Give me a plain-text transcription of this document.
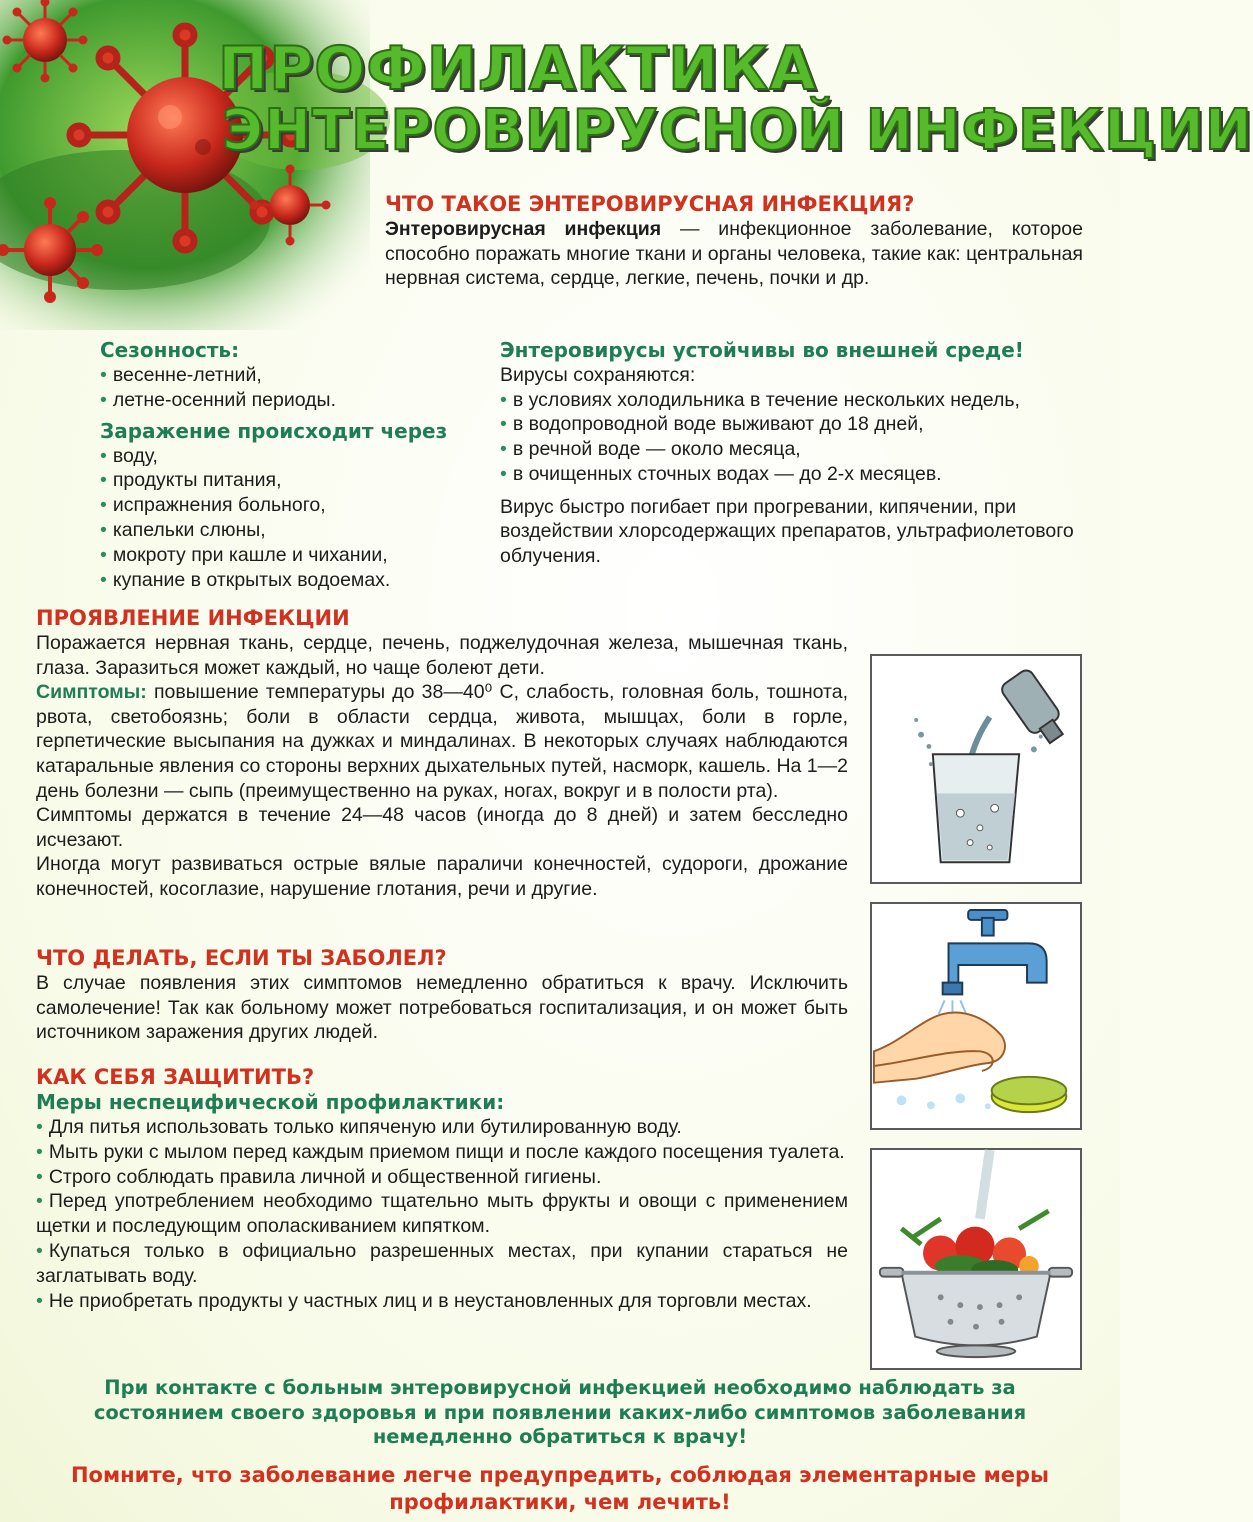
ПРОФИЛАКТИКА
ЭНТЕРОВИРУСНОЙ ИНФЕКЦИИ
ЧТО ТАКОЕ ЭНТЕРОВИРУСНАЯ ИНФЕКЦИЯ?
Энтеровирусная инфекция — инфекционное заболевание, которое способно поражать многие ткани и органы человека, такие как: центральная нервная система, сердце, легкие, печень, почки и др.
Сезонность:
• весенне-летний,
• летне-осенний периоды.
Заражение происходит через
• воду,
• продукты питания,
• испражнения больного,
• капельки слюны,
• мокроту при кашле и чихании,
• купание в открытых водоемах.
Энтеровирусы устойчивы во внешней среде!
Вирусы сохраняются:
• в условиях холодильника в течение нескольких недель,
• в водопроводной воде выживают до 18 дней,
• в речной воде — около месяца,
• в очищенных сточных водах — до 2-х месяцев.
Вирус быстро погибает при прогревании, кипячении, при воздействии хлорсодержащих препаратов, ультрафиолетового облучения.
ПРОЯВЛЕНИЕ ИНФЕКЦИИ
Поражается нервная ткань, сердце, печень, поджелудочная железа, мышечная ткань, глаза. Заразиться может каждый, но чаще болеют дети.
Симптомы: повышение температуры до 38—40⁰ С, слабость, головная боль, тошнота, рвота, светобоязнь; боли в области сердца, живота, мышцах, боли в горле, герпетические высыпания на дужках и миндалинах. В некоторых случаях наблюдаются катаральные явления со стороны верхних дыхательных путей, насморк, кашель. На 1—2 день болезни — сыпь (преимущественно на руках, ногах, вокруг и в полости рта).
Симптомы держатся в течение 24—48 часов (иногда до 8 дней) и затем бесследно исчезают.
Иногда могут развиваться острые вялые параличи конечностей, судороги, дрожание конечностей, косоглазие, нарушение глотания, речи и другие.
ЧТО ДЕЛАТЬ, ЕСЛИ ТЫ ЗАБОЛЕЛ?
В случае появления этих симптомов немедленно обратиться к врачу. Исключить самолечение! Так как больному может потребоваться госпитализация, и он может быть источником заражения других людей.
КАК СЕБЯ ЗАЩИТИТЬ?
Меры неспецифической профилактики:
• Для питья использовать только кипяченую или бутилированную воду.
• Мыть руки с мылом перед каждым приемом пищи и после каждого посещения туалета.
• Строго соблюдать правила личной и общественной гигиены.
• Перед употреблением необходимо тщательно мыть фрукты и овощи с применением щетки и последующим ополаскиванием кипятком.
• Купаться только в официально разрешенных местах, при купании стараться не заглатывать воду.
• Не приобретать продукты у частных лиц и в неустановленных для торговли местах.
При контакте с больным энтеровирусной инфекцией необходимо наблюдать за
состоянием своего здоровья и при появлении каких-либо симптомов заболевания
немедленно обратиться к врачу!
Помните, что заболевание легче предупредить, соблюдая элементарные меры
профилактики, чем лечить!
